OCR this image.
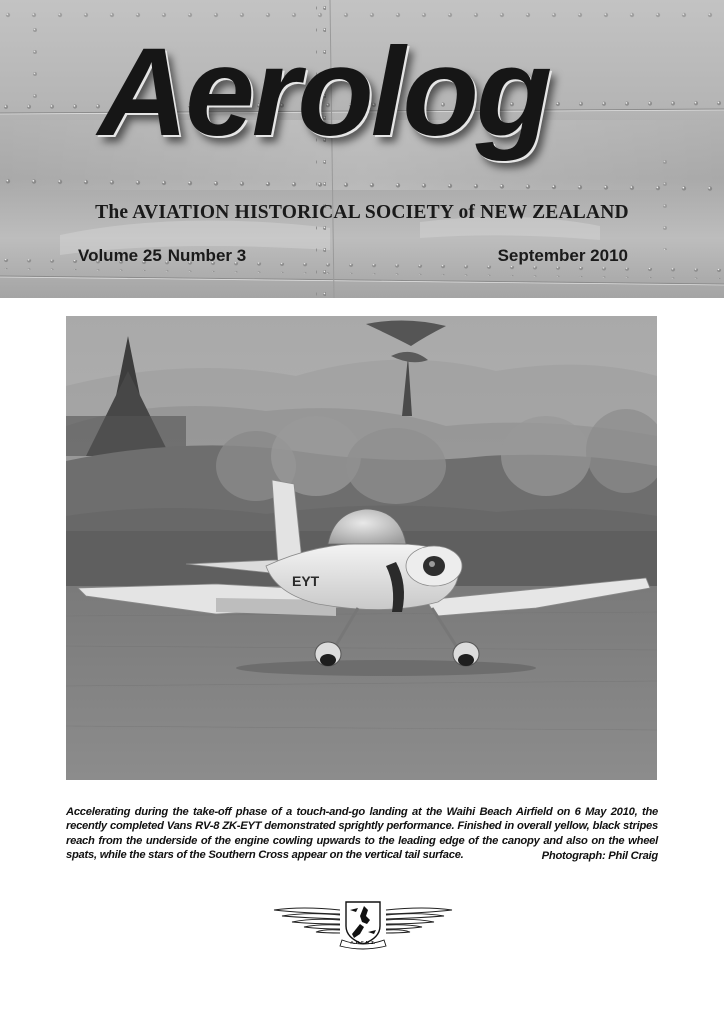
Aerolog
The AVIATION HISTORICAL SOCIETY of NEW ZEALAND
Volume 25 Number 3	September 2010
EYT

Accelerating during the take-off phase of a touch-and-go landing at the Waihi Beach Airfield on 6 May 2010, the recently completed Vans RV-8 ZK-EYT demonstrated sprightly performance. Finished in overall yellow, black stripes reach from the underside of the engine cowling upwards to the leading edge of the canopy and also on the wheel spats, while the stars of the Southern Cross appear on the vertical tail surface.	Photograph: Phil Craig
A.H.S.N.Z.
